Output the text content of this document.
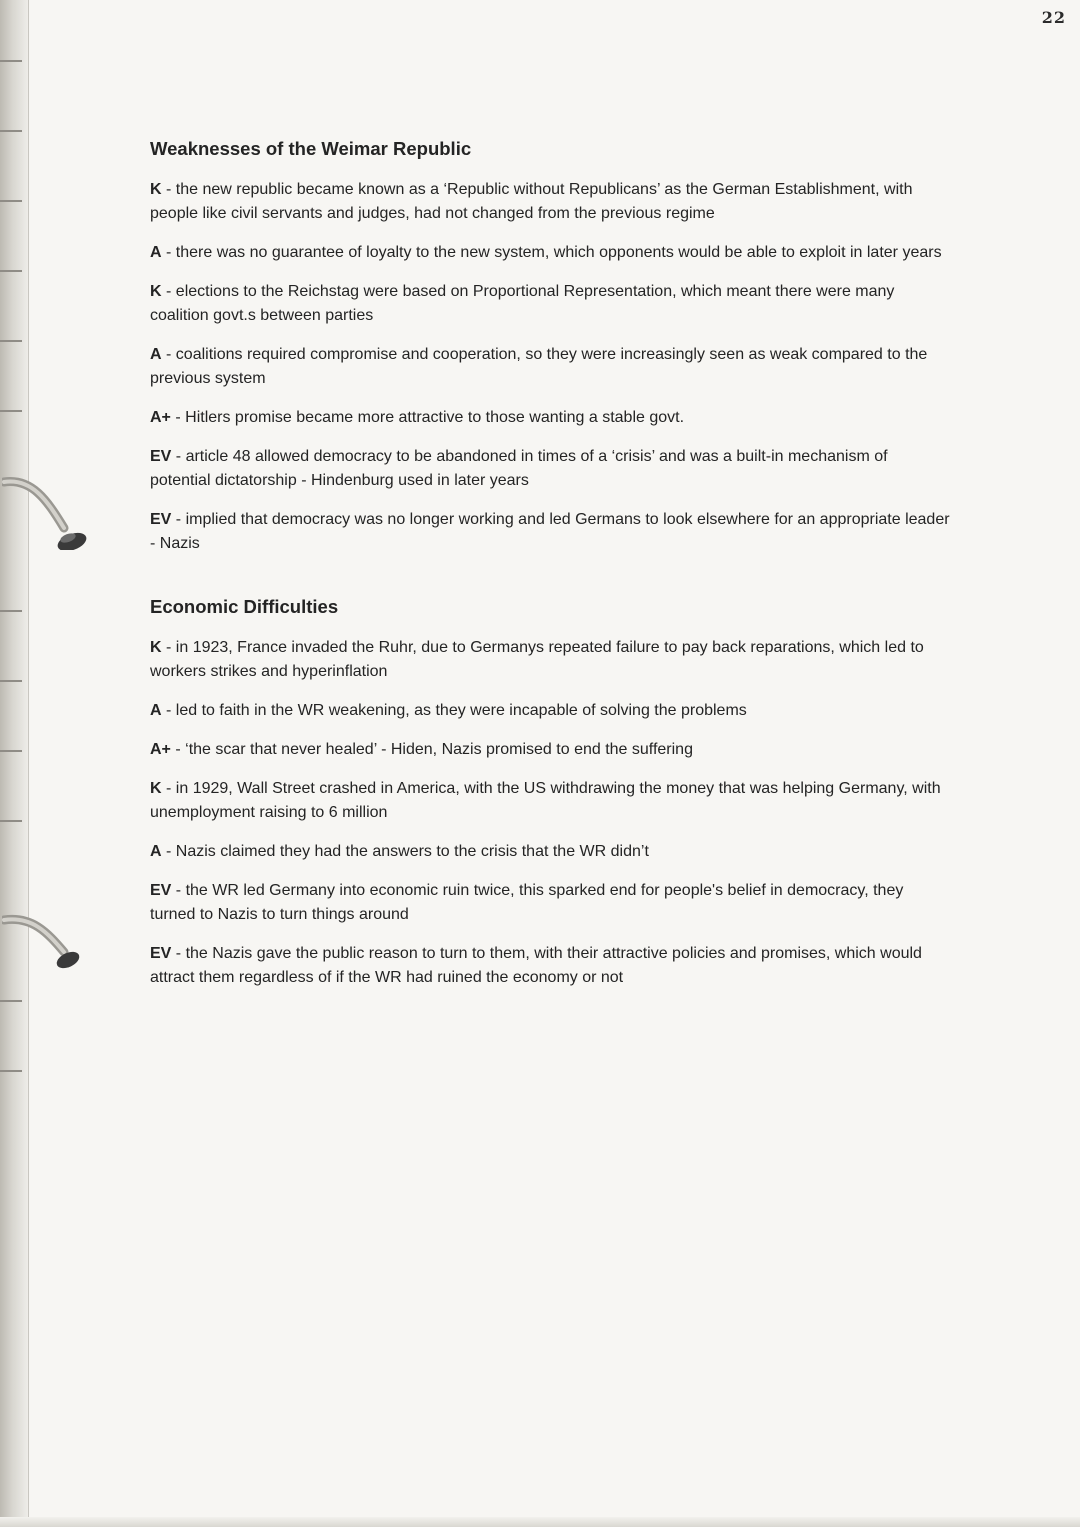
22
Weaknesses of the Weimar Republic

K - the new republic became known as a ‘Republic without Republicans’ as the German Establishment, with people like civil servants and judges, had not changed from the previous regime

A - there was no guarantee of loyalty to the new system, which opponents would be able to exploit in later years

K - elections to the Reichstag were based on Proportional Representation, which meant there were many coalition govt.s between parties

A - coalitions required compromise and cooperation, so they were increasingly seen as weak compared to the previous system

A+ - Hitlers promise became more attractive to those wanting a stable govt.

EV - article 48 allowed democracy to be abandoned in times of a ‘crisis’ and was a built-in mechanism of potential dictatorship - Hindenburg used in later years

EV - implied that democracy was no longer working and led Germans to look elsewhere for an appropriate leader - Nazis

Economic Difficulties

K - in 1923, France invaded the Ruhr, due to Germanys repeated failure to pay back reparations, which led to workers strikes and hyperinflation

A - led to faith in the WR weakening, as they were incapable of solving the problems

A+ - ‘the scar that never healed’ - Hiden, Nazis promised to end the suffering

K - in 1929, Wall Street crashed in America, with the US withdrawing the money that was helping Germany, with unemployment raising to 6 million

A - Nazis claimed they had the answers to the crisis that the WR didn’t

EV - the WR led Germany into economic ruin twice, this sparked end for people's belief in democracy, they turned to Nazis to turn things around

EV - the Nazis gave the public reason to turn to them, with their attractive policies and promises, which would attract them regardless of if the WR had ruined the economy or not
